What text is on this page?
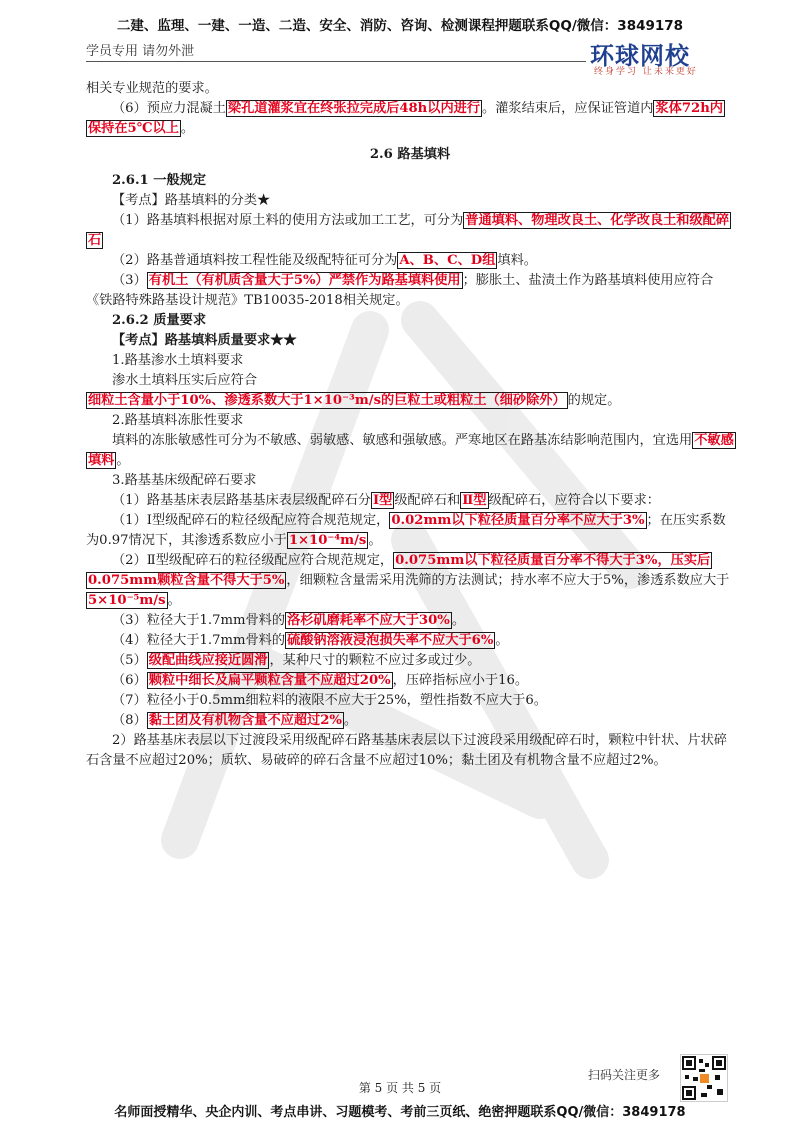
二建、监理、一建、一造、二造、安全、消防、咨询、检测课程押题联系QQ/微信：3849178
学员专用 请勿外泄	环球网校
终身学习 让未来更好

相关专业规范的要求。

（6）预应力混凝土 梁孔道灌浆宜在终张拉完成后48h以内进行 。灌浆结束后，应保证管道内 浆体72h内保持在5℃以上 。

2.6 路基填料

2.6.1 一般规定

【考点】路基填料的分类★

（1）路基填料根据对原土料的使用方法或加工工艺，可分为 普通填料、物理改良土、化学改良土和级配碎石

（2）路基普通填料按工程性能及级配特征可分为 A、B、C、D组 填料。

（3） 有机土（有机质含量大于5%）严禁作为路基填料使用 ；膨胀土、盐渍土作为路基填料使用应符合《铁路特殊路基设计规范》TB10035-2018相关规定。

2.6.2 质量要求

【考点】路基填料质量要求★★

1.路基渗水土填料要求

渗水土填料压实后应符合细粒土含量小于10%、渗透系数大于1×10⁻³m/s的巨粒土或粗粒土（细砂除外） 的规定。

2.路基填料冻胀性要求

填料的冻胀敏感性可分为不敏感、弱敏感、敏感和强敏感。严寒地区在路基冻结影响范围内，宜选用 不敏感填料 。

3.路基基床级配碎石要求

（1）路基基床表层路基基床表层级配碎石分 Ⅰ型 级配碎石和 Ⅱ型 级配碎石，应符合以下要求：

（1）Ⅰ型级配碎石的粒径级配应符合规范规定， 0.02mm以下粒径质量百分率不应大于3% ；在压实系数为0.97情况下，其渗透系数应小于 1×10⁻⁴m/s 。

（2）Ⅱ型级配碎石的粒径级配应符合规范规定， 0.075mm以下粒径质量百分率不得大于3%，压实后0.075mm颗粒含量不得大于5% ，细颗粒含量需采用洗筛的方法测试；持水率不应大于5%，渗透系数应大于5×10⁻⁵m/s 。

（3）粒径大于1.7mm骨料的 洛杉矶磨耗率不应大于30% 。

（4）粒径大于1.7mm骨料的 硫酸钠溶液浸泡损失率不应大于6% 。

（5） 级配曲线应接近圆滑 ，某种尺寸的颗粒不应过多或过少。

（6） 颗粒中细长及扁平颗粒含量不应超过20% ，压碎指标应小于16。

（7）粒径小于0.5mm细粒料的液限不应大于25%，塑性指数不应大于6。

（8） 黏土团及有机物含量不应超过2% 。

2）路基基床表层以下过渡段采用级配碎石路基基床表层以下过渡段采用级配碎石时，颗粒中针状、片状碎石含量不应超过20%；质软、易破碎的碎石含量不应超过10%；黏土团及有机物含量不应超过2%。

扫码关注更多
第 5 页 共 5 页
名师面授精华、央企内训、考点串讲、习题模考、考前三页纸、绝密押题联系QQ/微信：3849178
